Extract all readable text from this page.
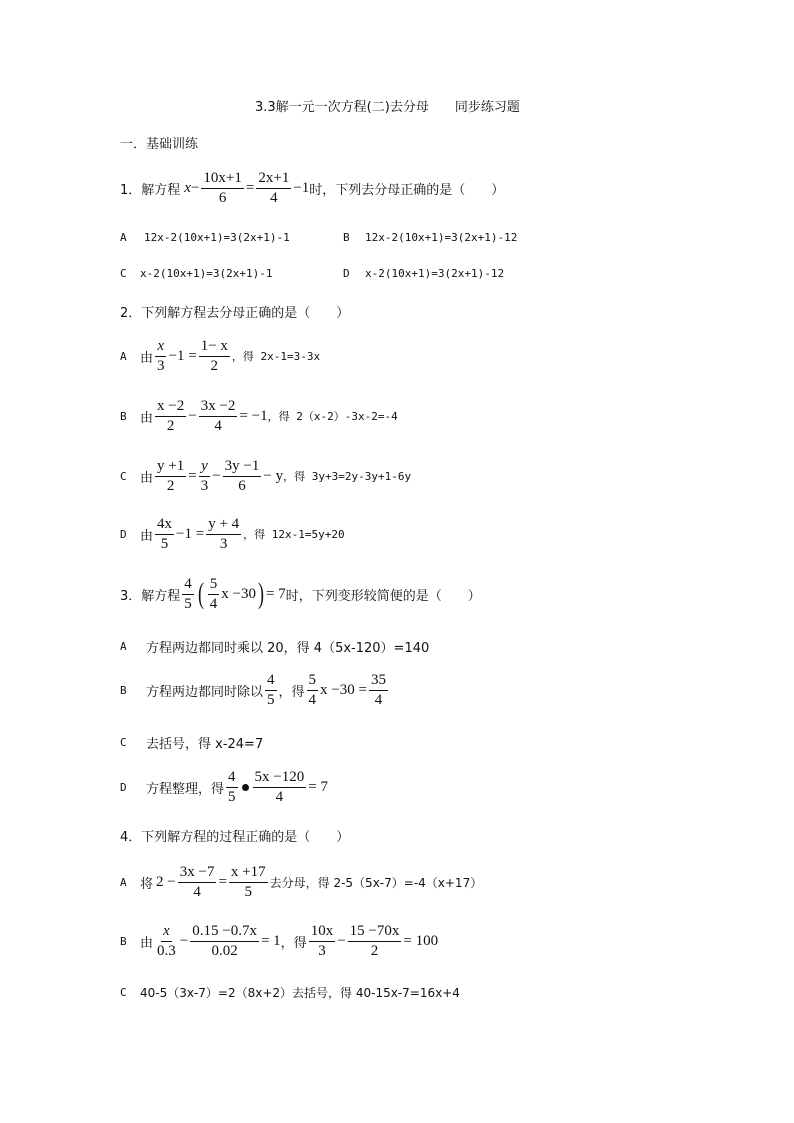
3.3解一元一次方程(二)去分母　　同步练习题
一．基础训练
1．解方程 $x - \frac{10x+1}{6} = \frac{2x+1}{4} -1$ 时，下列去分母正确的是（　　）
A 12x-2(10x+1)=3(2x+1)-1	B 12x-2(10x+1)=3(2x+1)-12
C x-2(10x+1)=3(2x+1)-1	D x-2(10x+1)=3(2x+1)-12
2．下列解方程去分母正确的是（　　）
A	由 $\frac{x}{3} -1 = \frac{1- x}{2}$ ，得 2x-1=3-3x
B	由 $\frac{x -2}{2} - \frac{3x -2}{4} = -1$ ，得 2（x-2）-3x-2=-4
C	由 $\frac{y +1}{2} = \frac{y}{3} - \frac{3y -1}{6} - y$ ，得 3y+3=2y-3y+1-6y
D	由 $\frac{4x}{5} -1 = \frac{y + 4}{3}$ ，得 12x-1=5y+20
3．解方程 $\frac{4}{5}$ ( $\frac{5}{4}$ x −30 ) = 7 时，下列变形较简便的是（　　）
A	方程两边都同时乘以 20，得 4（5x-120）=140
B	方程两边都同时除以 $\frac{4}{5}$ ，得 $\frac{5}{4}$ $x -30 = \frac{35}{4}$
C	去括号，得 x-24=7
D	方程整理，得 $\frac{4}{5} \frac{5x -120}{4} = 7$
4．下列解方程的过程正确的是（　　）
A	将 $2 - \frac{3x -7}{4} = \frac{x +17}{5}$ 去分母，得 2-5（5x-7）=-4（x+17）
B	由 $\frac{x}{0.3} - \frac{0.15 -0.7x}{0.02} = 1$ ，得 $\frac{10x}{3} - \frac{15 -70x}{2} = 100$
C	40-5（3x-7）=2（8x+2）去括号，得 40-15x-7=16x+4
